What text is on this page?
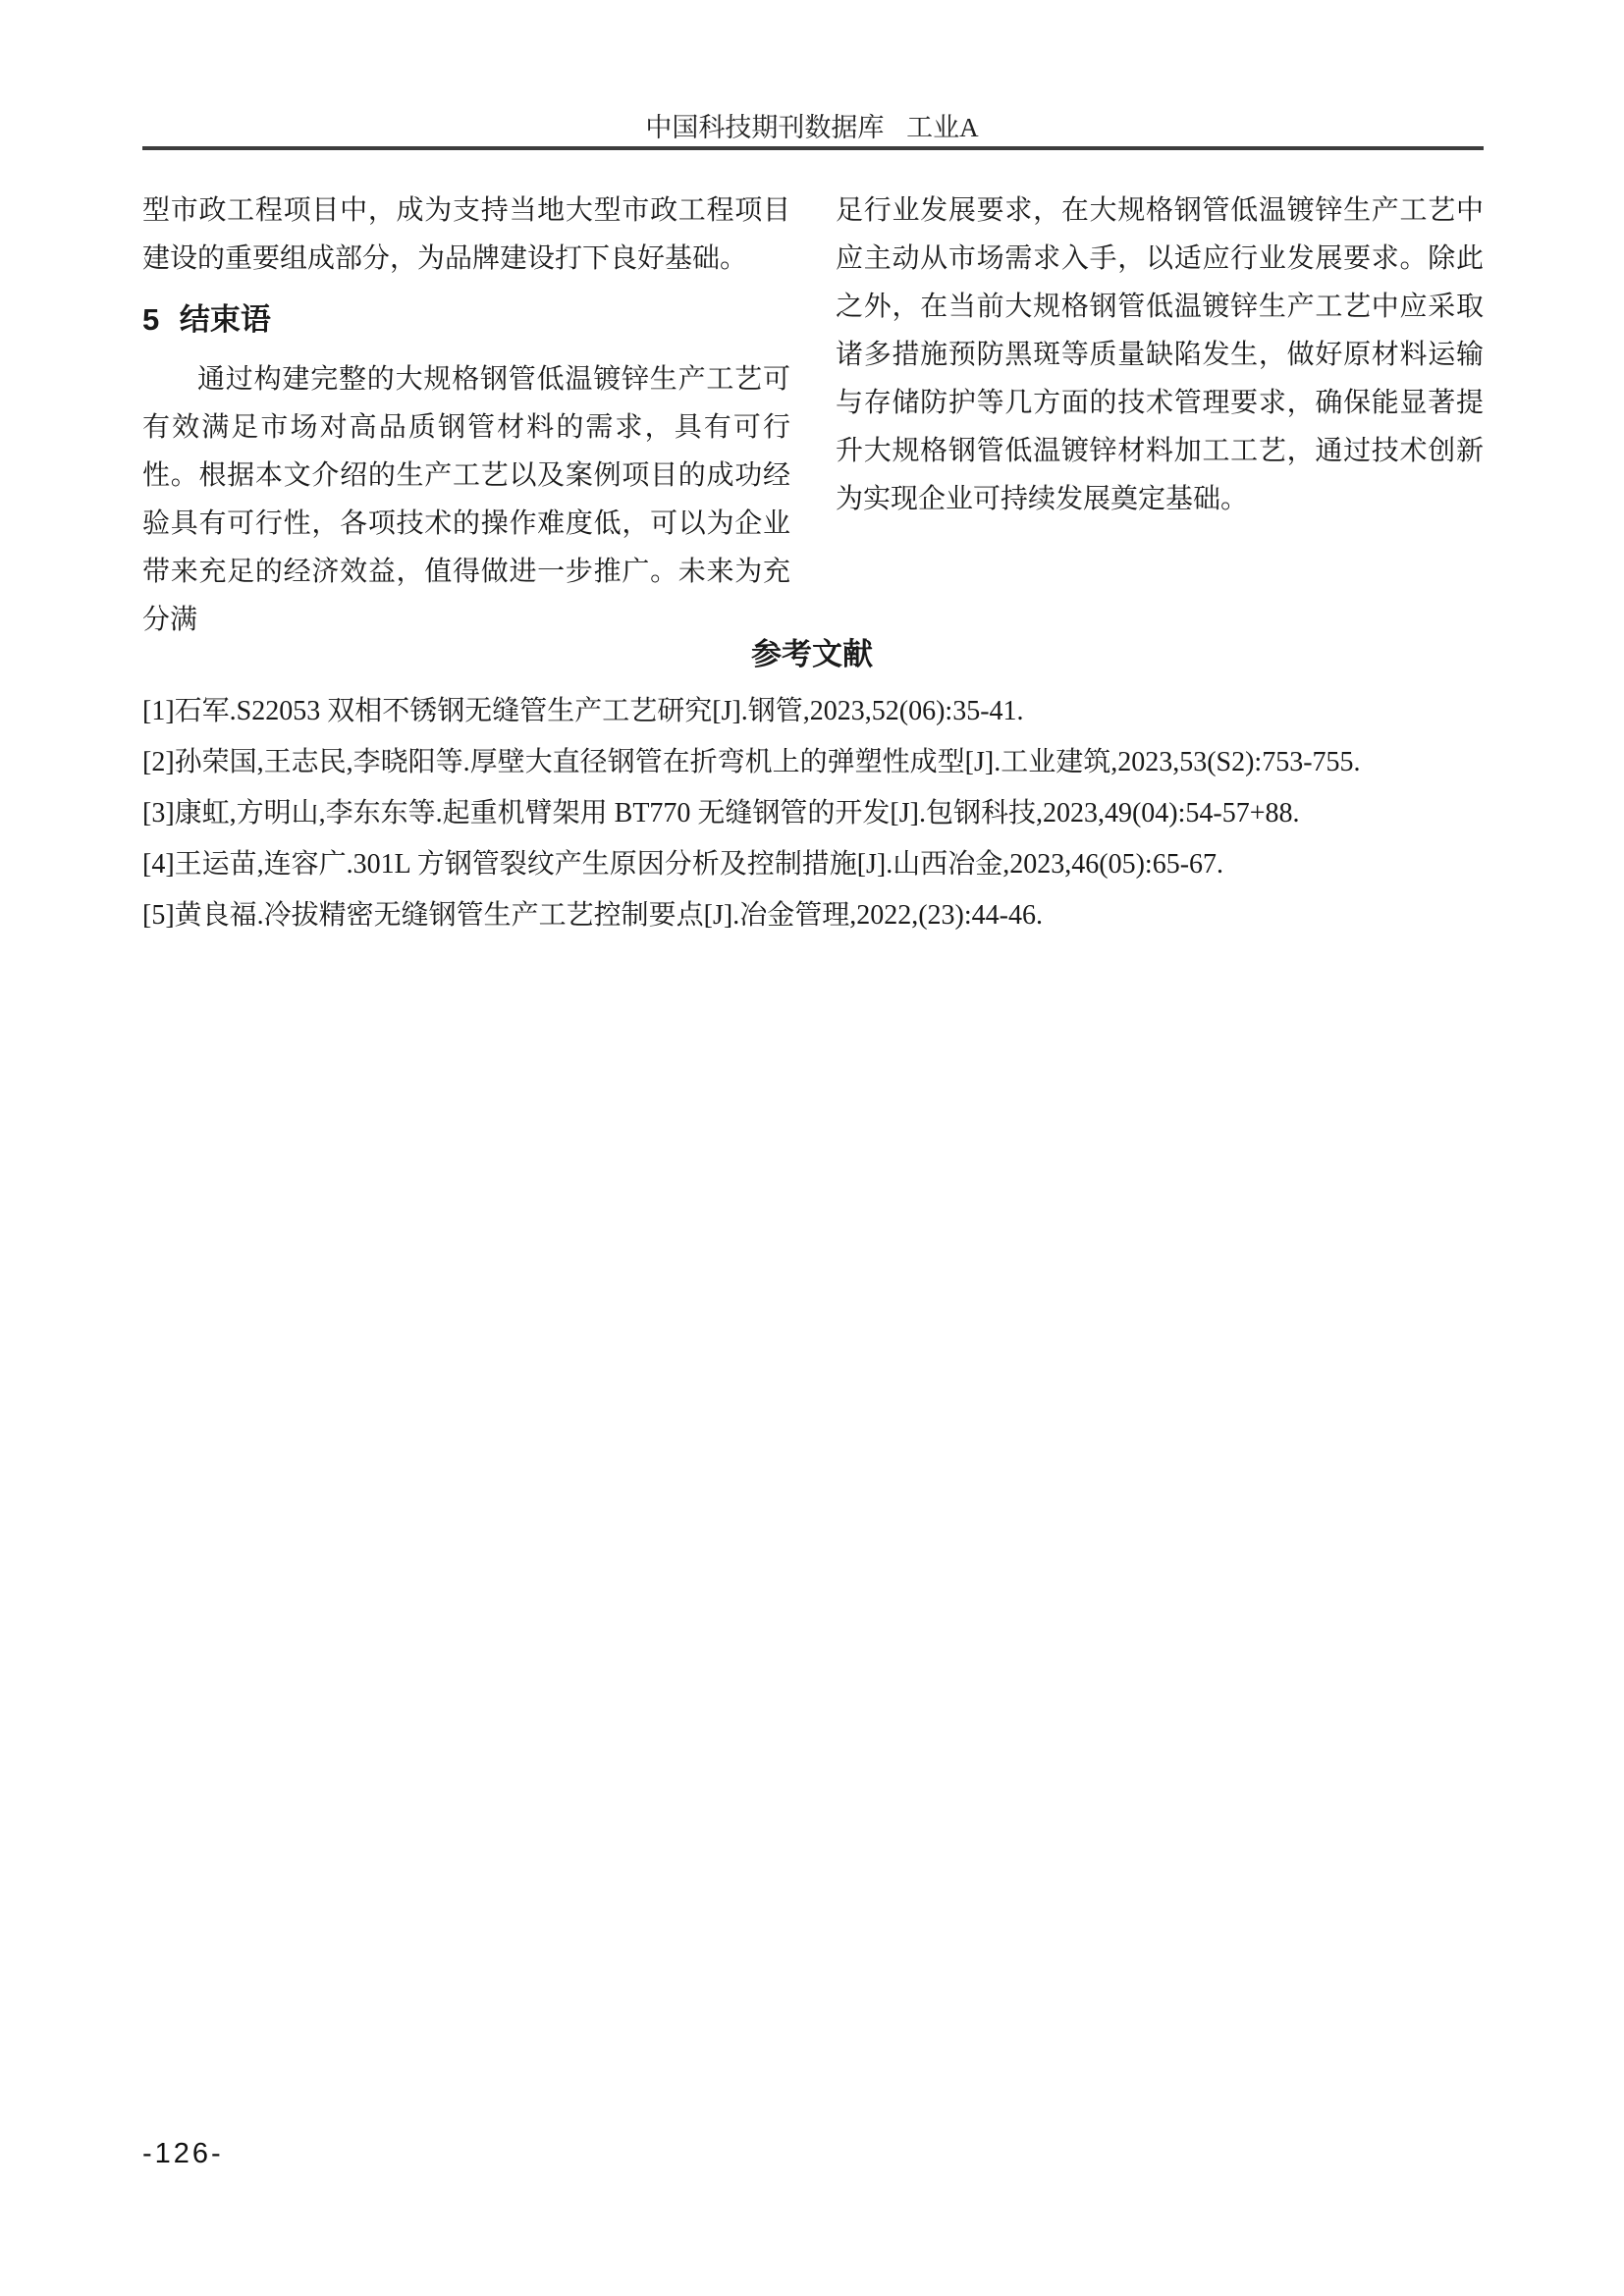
中国科技期刊数据库 工业A

型市政工程项目中，成为支持当地大型市政工程项目建设的重要组成部分，为品牌建设打下良好基础。

5 结束语

通过构建完整的大规格钢管低温镀锌生产工艺可有效满足市场对高品质钢管材料的需求，具有可行性。根据本文介绍的生产工艺以及案例项目的成功经验具有可行性，各项技术的操作难度低，可以为企业带来充足的经济效益，值得做进一步推广。未来为充分满

足行业发展要求，在大规格钢管低温镀锌生产工艺中应主动从市场需求入手，以适应行业发展要求。除此之外，在当前大规格钢管低温镀锌生产工艺中应采取诸多措施预防黑斑等质量缺陷发生，做好原材料运输与存储防护等几方面的技术管理要求，确保能显著提升大规格钢管低温镀锌材料加工工艺，通过技术创新为实现企业可持续发展奠定基础。

参考文献
[1]石军.S22053 双相不锈钢无缝管生产工艺研究[J].钢管,2023,52(06):35-41.
[2]孙荣国,王志民,李晓阳等.厚壁大直径钢管在折弯机上的弹塑性成型[J].工业建筑,2023,53(S2):753-755.
[3]康虹,方明山,李东东等.起重机臂架用 BT770 无缝钢管的开发[J].包钢科技,2023,49(04):54-57+88.
[4]王运苗,连容广.301L 方钢管裂纹产生原因分析及控制措施[J].山西冶金,2023,46(05):65-67.
[5]黄良福.冷拔精密无缝钢管生产工艺控制要点[J].冶金管理,2022,(23):44-46.
-126-
